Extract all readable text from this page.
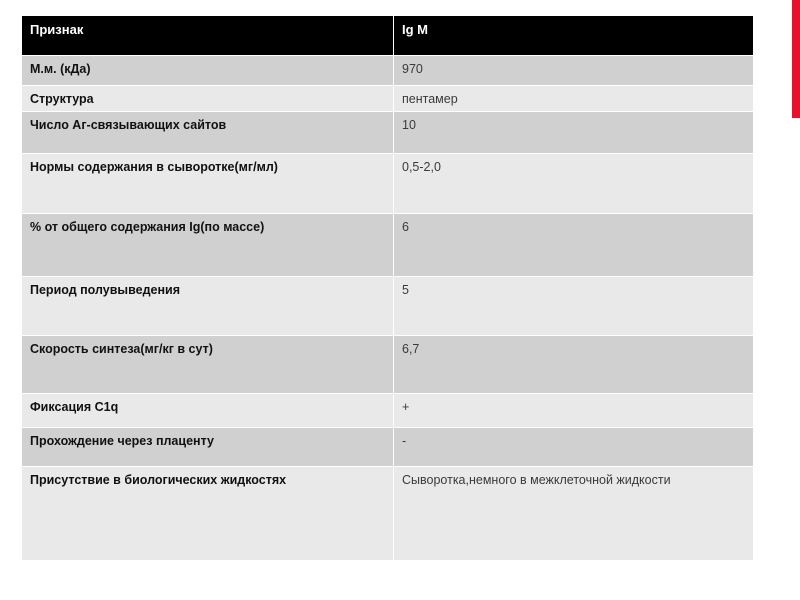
Признак	Ig M
М.м. (кДа)	970
Структура	пентамер
Число Аг-связывающих сайтов	10
Нормы содержания в сыворотке(мг/мл)	0,5-2,0
% от общего содержания Ig(по массе)	6
Период полувыведения	5
Скорость синтеза(мг/кг в сут)	6,7
Фиксация C1q	+
Прохождение через плаценту	-
Присутствие в биологических жидкостях	Сыворотка,немного в межклеточной жидкости
